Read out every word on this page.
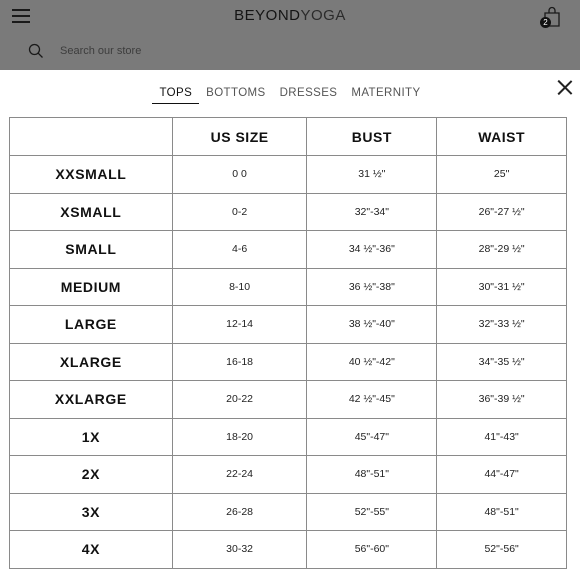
BEYONDYOGA	2
Search our store
TOPS	BOTTOMS	DRESSES	MATERNITY
	US SIZE	BUST	WAIST
XXSMALL	0 0	31 ½"	25"
XSMALL	0-2	32"-34"	26"-27 ½"
SMALL	4-6	34 ½"-36"	28"-29 ½"
MEDIUM	8-10	36 ½"-38"	30"-31 ½"
LARGE	12-14	38 ½"-40"	32"-33 ½"
XLARGE	16-18	40 ½"-42"	34"-35 ½"
XXLARGE	20-22	42 ½"-45"	36"-39 ½"
1X	18-20	45"-47"	41"-43"
2X	22-24	48"-51"	44"-47"
3X	26-28	52"-55"	48"-51"
4X	30-32	56"-60"	52"-56"
